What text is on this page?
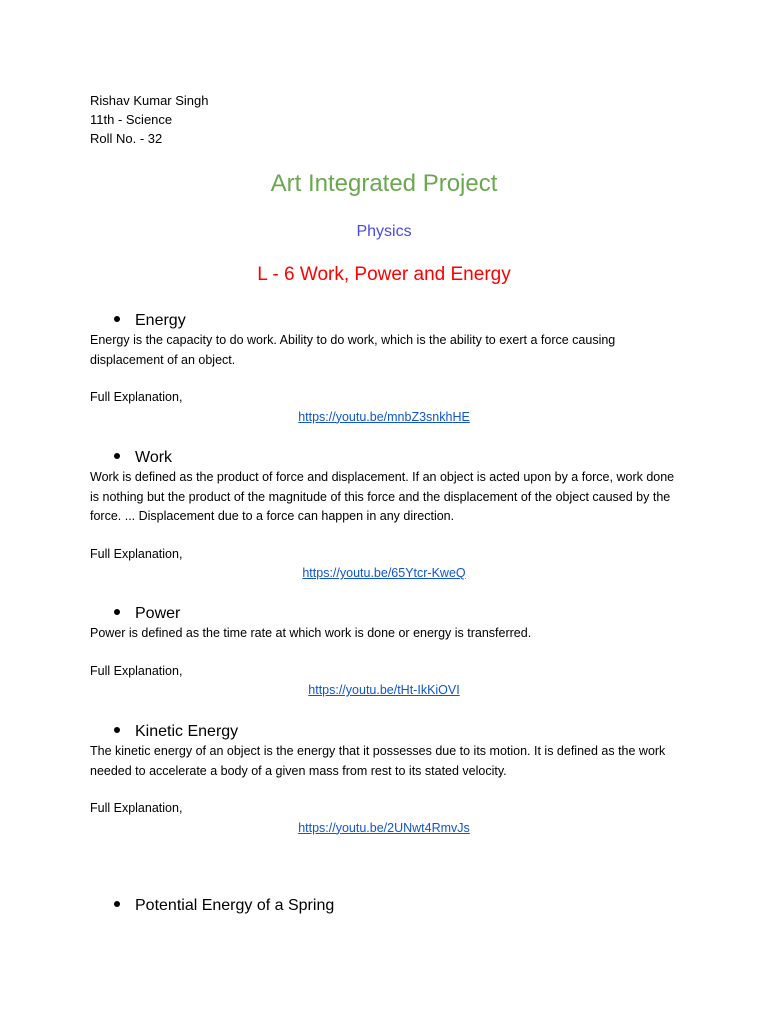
Rishav Kumar Singh
11th - Science
Roll No. - 32
Art Integrated Project
Physics
L - 6 Work, Power and Energy
Energy

Energy is the capacity to do work. Ability to do work, which is the ability to exert a force causing displacement of an object.

Full Explanation,
https://youtu.be/mnbZ3snkhHE
Work

Work is defined as the product of force and displacement. If an object is acted upon by a force, work done is nothing but the product of the magnitude of this force and the displacement of the object caused by the force. ... Displacement due to a force can happen in any direction.

Full Explanation,
https://youtu.be/65Ytcr-KweQ
Power

Power is defined as the time rate at which work is done or energy is transferred.

Full Explanation,
https://youtu.be/tHt-IkKiOVI
Kinetic Energy

The kinetic energy of an object is the energy that it possesses due to its motion. It is defined as the work needed to accelerate a body of a given mass from rest to its stated velocity.

Full Explanation,
https://youtu.be/2UNwt4RmvJs
Potential Energy of a Spring
